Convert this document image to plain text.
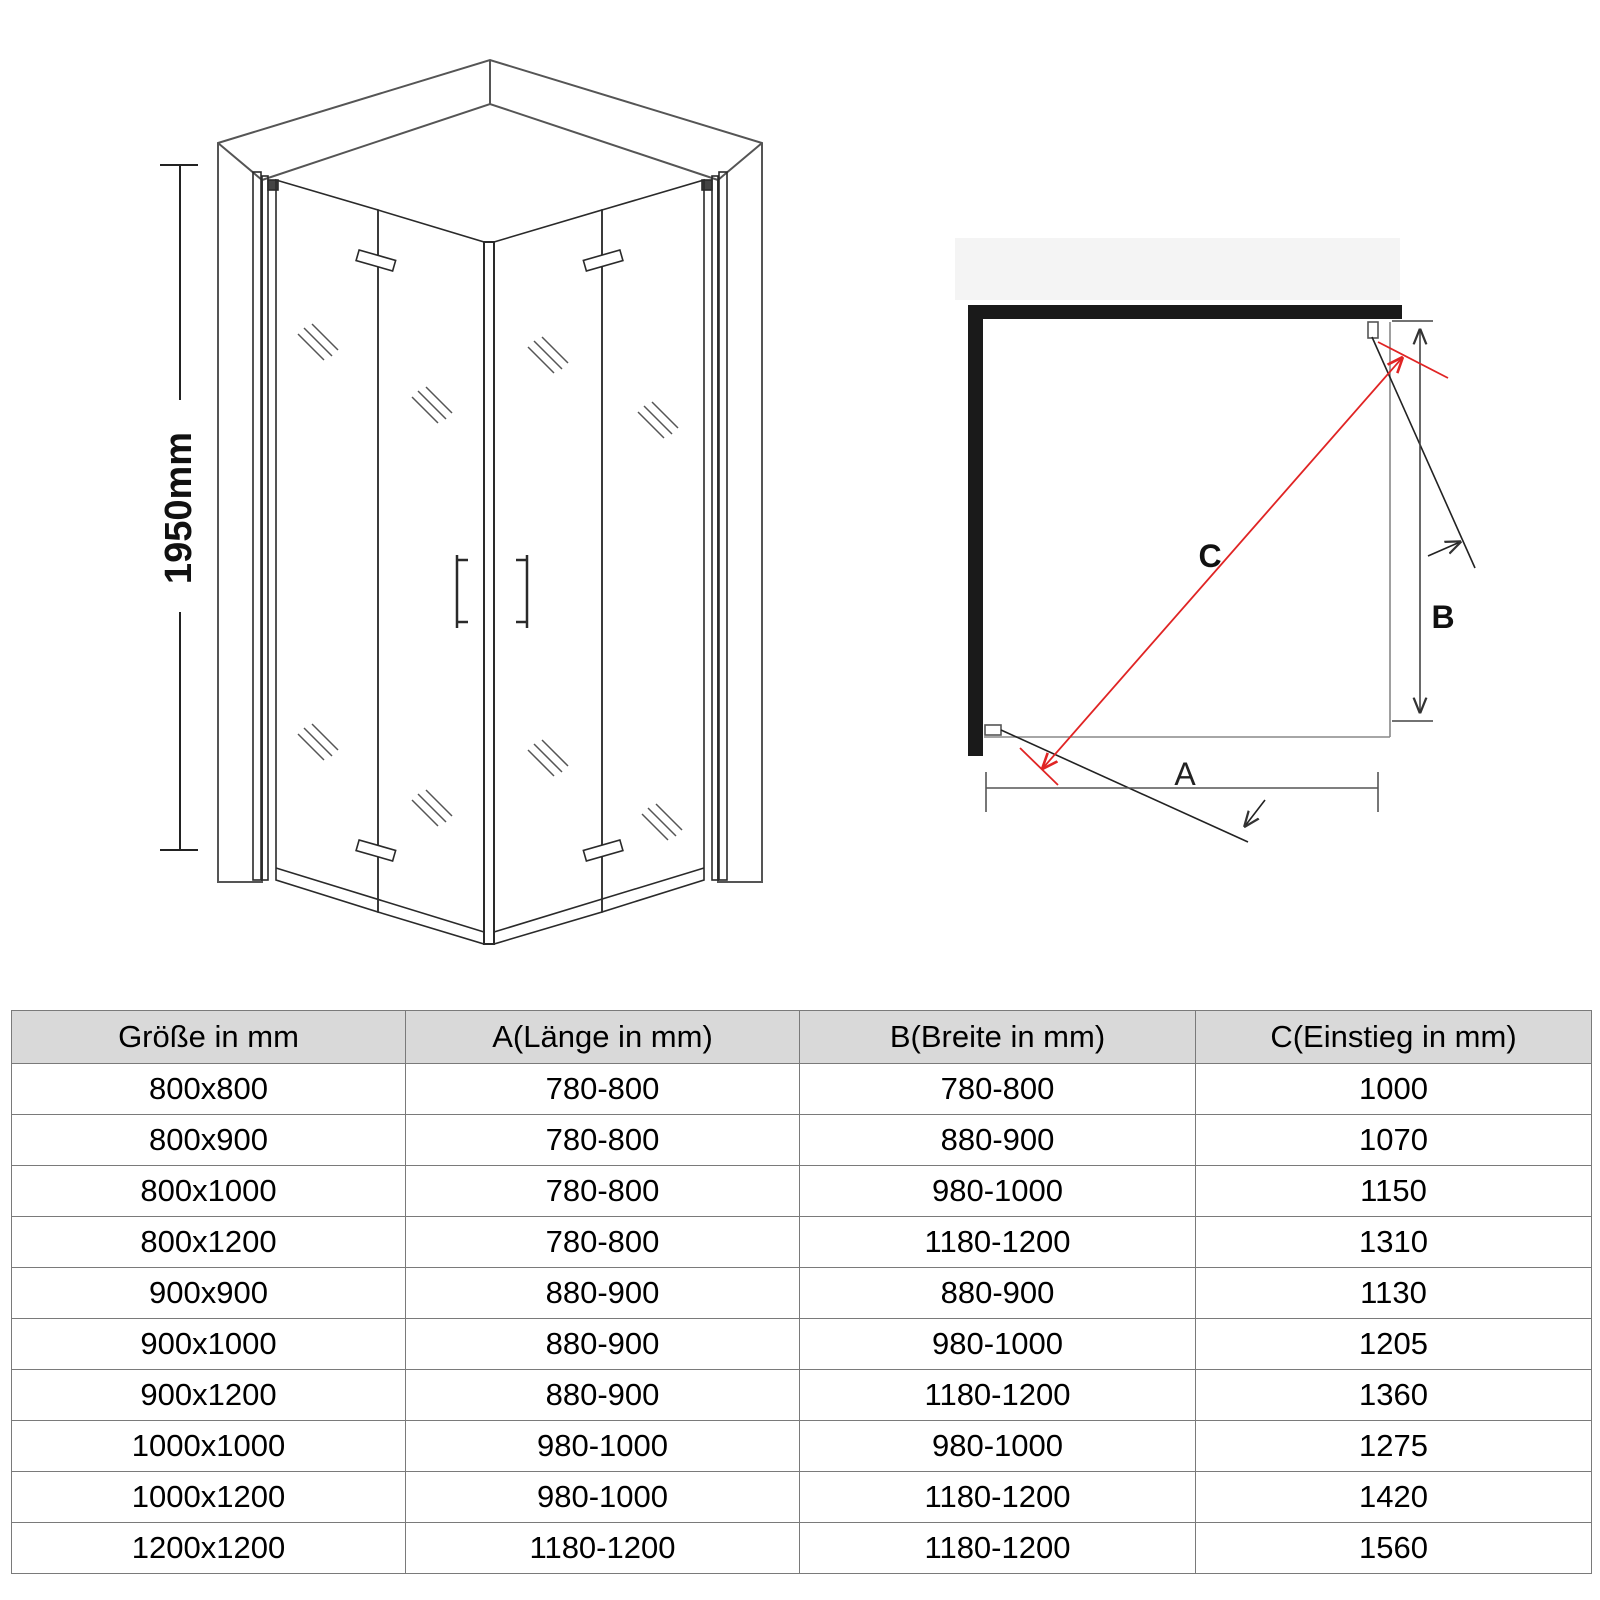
1950mm
A
B
C
Größe in mm	A(Länge in mm)	B(Breite in mm)	C(Einstieg in mm)
800x800	780-800	780-800	1000
800x900	780-800	880-900	1070
800x1000	780-800	980-1000	1150
800x1200	780-800	1180-1200	1310
900x900	880-900	880-900	1130
900x1000	880-900	980-1000	1205
900x1200	880-900	1180-1200	1360
1000x1000	980-1000	980-1000	1275
1000x1200	980-1000	1180-1200	1420
1200x1200	1180-1200	1180-1200	1560
